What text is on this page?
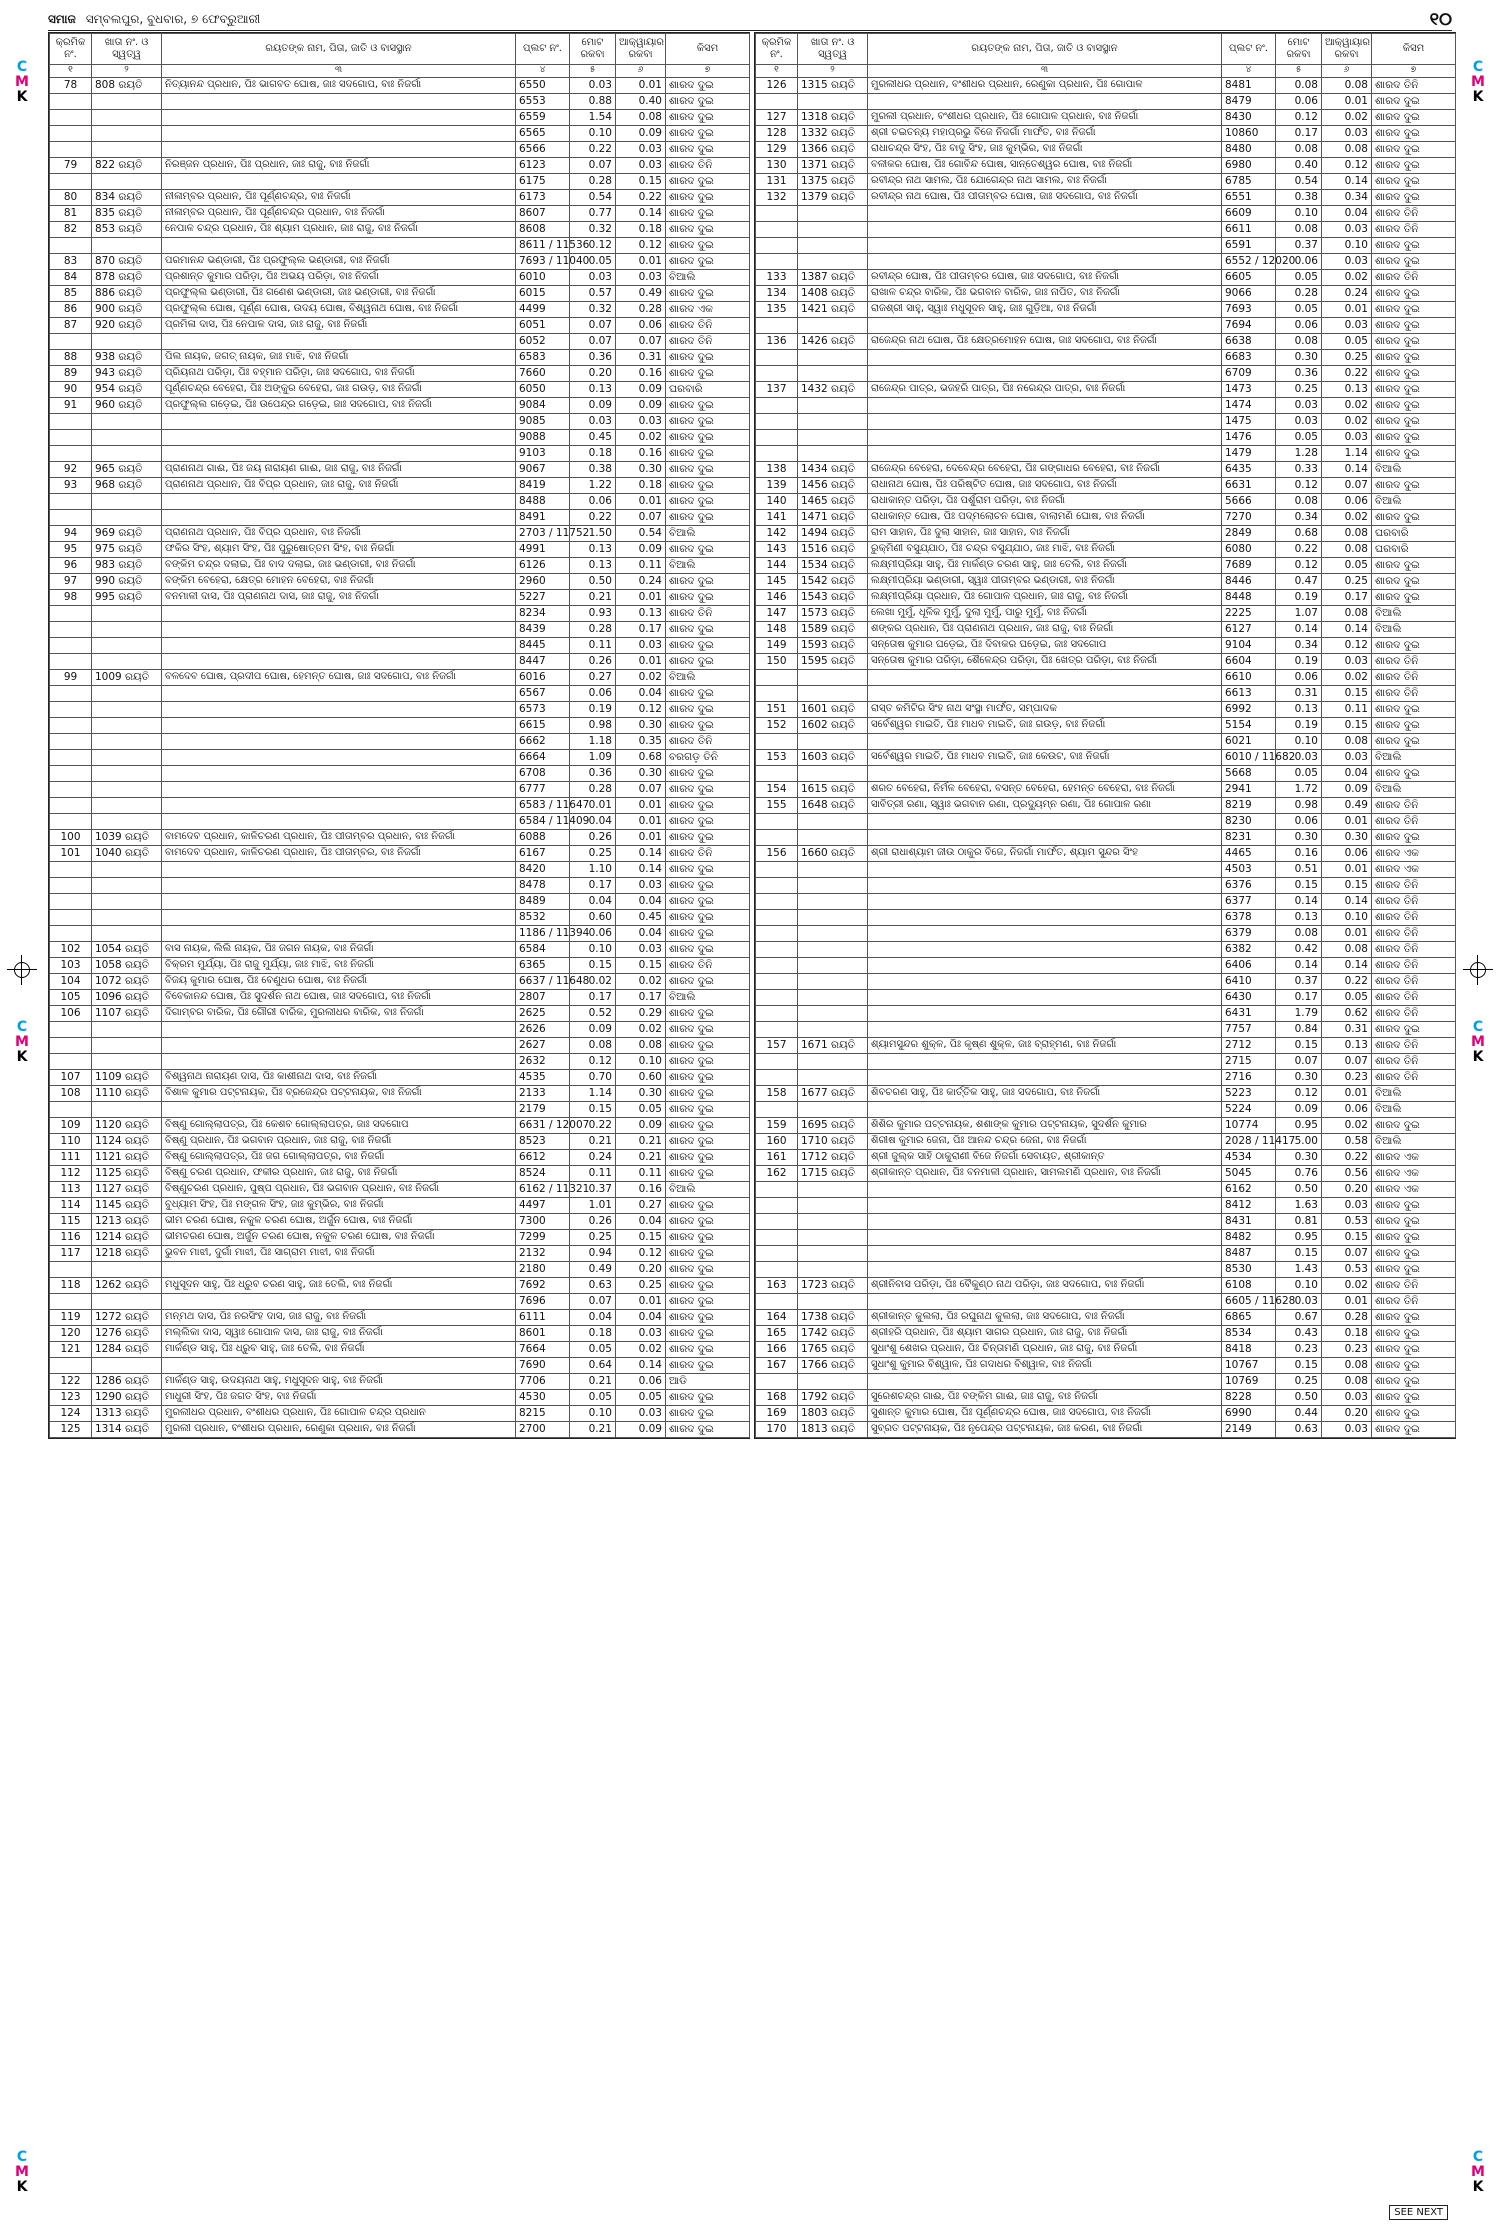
ସମାଜ ସମ୍ବଲପୁର, ବୁଧବାର, ୭ ଫେବ୍ରୁଆରୀ	୧୦
କ୍ରମିକ ନଂ.	ଖାତା ନଂ. ଓ ସ୍ୱତ୍ୱ	ରୟତଙ୍କ ନାମ, ପିତା, ଜାତି ଓ ବାସସ୍ଥାନ	ପ୍ଲଟ ନଂ.	ମୋଟ ରକବା	ଆକ୍ୱାୟାର ରକବା	କିସମ
୧	୨	୩	୪	୫	୬	୭
78	808 ରୟତି	ନିତ୍ୟାନନ୍ଦ ପ୍ରଧାନ, ପିଃ ଭାଗବତ ଘୋଷ, ଜାଃ ସଦଗୋପ, ବାଃ ନିଜର୍ଗା	6550	0.03	0.01	ଶାରଦ ଦୁଇ
			6553	0.88	0.40	ଶାରଦ ଦୁଇ
			6559	1.54	0.08	ଶାରଦ ଦୁଇ
			6565	0.10	0.09	ଶାରଦ ଦୁଇ
			6566	0.22	0.03	ଶାରଦ ଦୁଇ
79	822 ରୟତି	ନିରଞ୍ଜନ ପ୍ରଧାନ, ପିଃ ପ୍ରଧାନ, ଜାଃ ରାଜୁ, ବାଃ ନିଜର୍ଗା	6123	0.07	0.03	ଶାରଦ ତିନି
			6175	0.28	0.15	ଶାରଦ ଦୁଇ
80	834 ରୟତି	ନୀଳାମ୍ବର ପ୍ରଧାନ, ପିଃ ପୂର୍ଣ୍ଣଚନ୍ଦ୍ର, ବାଃ ନିଜର୍ଗା	6173	0.54	0.22	ଶାରଦ ଦୁଇ
81	835 ରୟତି	ନୀଳାମ୍ବର ପ୍ରଧାନ, ପିଃ ପୂର୍ଣ୍ଣଚନ୍ଦ୍ର ପ୍ରଧାନ, ବାଃ ନିଜର୍ଗା	8607	0.77	0.14	ଶାରଦ ଦୁଇ
82	853 ରୟତି	ନେପାଳ ଚନ୍ଦ୍ର ପ୍ରଧାନ, ପିଃ ଶ୍ୟାମ ପ୍ରଧାନ, ଜାଃ ରାଜୁ, ବାଃ ନିଜର୍ଗା	8608	0.32	0.18	ଶାରଦ ଦୁଇ
			8611 / 11536	0.12	0.12	ଶାରଦ ଦୁଇ
83	870 ରୟତି	ପରମାନନ୍ଦ ଭଣ୍ଡାରୀ, ପିଃ ପ୍ରଫୁଲ୍ଲ ଭଣ୍ଡାରୀ, ବାଃ ନିଜର୍ଗା	7693 / 11040	0.05	0.01	ଶାରଦ ଦୁଇ
84	878 ରୟତି	ପ୍ରଶାନ୍ତ କୁମାର ପରିଡ଼ା, ପିଃ ଅଭୟ ପରିଡ଼ା, ବାଃ ନିଜର୍ଗା	6010	0.03	0.03	ବିଆଲି
85	886 ରୟତି	ପ୍ରଫୁଲ୍ଲ ଭଣ୍ଡାରୀ, ପିଃ ଗଣେଶ ଭଣ୍ଡାରୀ, ଜାଃ ଭଣ୍ଡାରୀ, ବାଃ ନିଜର୍ଗା	6015	0.57	0.49	ଶାରଦ ଦୁଇ
86	900 ରୟତି	ପ୍ରଫୁଲ୍ଲ ଘୋଷ, ପୂର୍ଣ୍ଣ ଘୋଷ, ଉଦୟ ଘୋଷ, ବିଶ୍ୱନାଥ ଘୋଷ, ବାଃ ନିଜର୍ଗା	4499	0.32	0.28	ଶାରଦ ଏକ
87	920 ରୟତି	ପ୍ରମିଳା ଦାସ, ପିଃ ନେପାଳ ଦାସ, ଜାଃ ରାଜୁ, ବାଃ ନିଜର୍ଗା	6051	0.07	0.06	ଶାରଦ ତିନି
			6052	0.07	0.07	ଶାରଦ ତିନି
88	938 ରୟତି	ପିଲ ନାୟକ, ଜଗତ୍ ନାୟକ, ଜାଃ ମାଝି, ବାଃ ନିଜର୍ଗା	6583	0.36	0.31	ଶାରଦ ଦୁଇ
89	943 ରୟତି	ପ୍ରିୟନାଥ ପରିଡ଼ା, ପିଃ ବହ୍ମାନ ପରିଡ଼ା, ଜାଃ ସଦଗୋପ, ବାଃ ନିଜର୍ଗା	7660	0.20	0.16	ଶାରଦ ଦୁଇ
90	954 ରୟତି	ପୂର୍ଣ୍ଣଚନ୍ଦ୍ର ବେହେରା, ପିଃ ଅଙ୍କୁର ବେହେରା, ଜାଃ ଗଉଡ଼, ବାଃ ନିଜର୍ଗା	6050	0.13	0.09	ଘରବାରି
91	960 ରୟତି	ପ୍ରଫୁଲ୍ଲ ଗଡ଼େଇ, ପିଃ ଉପେନ୍ଦ୍ର ଗଡ଼େଇ, ଜାଃ ସଦଗୋପ, ବାଃ ନିଜର୍ଗା	9084	0.09	0.09	ଶାରଦ ଦୁଇ
			9085	0.03	0.03	ଶାରଦ ଦୁଇ
			9088	0.45	0.02	ଶାରଦ ଦୁଇ
			9103	0.18	0.16	ଶାରଦ ଦୁଇ
92	965 ରୟତି	ପ୍ରାଣନାଥ ଗାଈ, ପିଃ ଜୟ ନାରାୟଣ ଗାଈ, ଜାଃ ରାଜୁ, ବାଃ ନିଜର୍ଗା	9067	0.38	0.30	ଶାରଦ ଦୁଇ
93	968 ରୟତି	ପ୍ରାଣନାଥ ପ୍ରଧାନ, ପିଃ ବିପ୍ର ପ୍ରଧାନ, ଜାଃ ରାଜୁ, ବାଃ ନିଜର୍ଗା	8419	1.22	0.18	ଶାରଦ ଦୁଇ
			8488	0.06	0.01	ଶାରଦ ଦୁଇ
			8491	0.22	0.07	ଶାରଦ ଦୁଇ
94	969 ରୟତି	ପ୍ରାଣନାଥ ପ୍ରଧାନ, ପିଃ ବିପ୍ର ପ୍ରଧାନ, ବାଃ ନିଜର୍ଗା	2703 / 11752	1.50	0.54	ବିଆଲି
95	975 ରୟତି	ଫକିର ସିଂହ, ଶ୍ୟାମ ସିଂହ, ପିଃ ପୁରୁଷୋତ୍ତମ ସିଂହ, ବାଃ ନିଜର୍ଗା	4991	0.13	0.09	ଶାରଦ ଦୁଇ
96	983 ରୟତି	ବଙ୍କିମ ଚନ୍ଦ୍ର ଦଲାଇ, ପିଃ ବାଦ ଦଲାଇ, ଜାଃ ଭଣ୍ଡାରୀ, ବାଃ ନିଜର୍ଗା	6126	0.13	0.11	ବିଆଲି
97	990 ରୟତି	ବଙ୍କିମ ବେହେରା, କ୍ଷେତ୍ର ମୋହନ ବେହେରା, ବାଃ ନିଜର୍ଗା	2960	0.50	0.24	ଶାରଦ ଦୁଇ
98	995 ରୟତି	ବନମାଳୀ ଦାସ, ପିଃ ପ୍ରାଣନାଥ ଦାସ, ଜାଃ ରାଜୁ, ବାଃ ନିଜର୍ଗା	5227	0.21	0.01	ଶାରଦ ଦୁଇ
			8234	0.93	0.13	ଶାରଦ ତିନି
			8439	0.28	0.17	ଶାରଦ ଦୁଇ
			8445	0.11	0.03	ଶାରଦ ଦୁଇ
			8447	0.26	0.01	ଶାରଦ ଦୁଇ
99	1009 ରୟତି	ବଳଦେବ ଘୋଷ, ପ୍ରଦୀପ ଘୋଷ, ହେମନ୍ତ ଘୋଷ, ଜାଃ ସଦଗୋପ, ବାଃ ନିଜର୍ଗା	6016	0.27	0.02	ବିଆଲି
			6567	0.06	0.04	ଶାରଦ ଦୁଇ
			6573	0.19	0.12	ଶାରଦ ଦୁଇ
			6615	0.98	0.30	ଶାରଦ ଦୁଇ
			6662	1.18	0.35	ଶାରଦ ତିନି
			6664	1.09	0.68	ବରଗଡ଼ ତିନି
			6708	0.36	0.30	ଶାରଦ ଦୁଇ
			6777	0.28	0.07	ଶାରଦ ଦୁଇ
			6583 / 11647	0.01	0.01	ଶାରଦ ଦୁଇ
			6584 / 11409	0.04	0.01	ଶାରଦ ଦୁଇ
100	1039 ରୟତି	ବାମଦେବ ପ୍ରଧାନ, କାଳିଚରଣ ପ୍ରଧାନ, ପିଃ ପୀତାମ୍ବର ପ୍ରଧାନ, ବାଃ ନିଜର୍ଗା	6088	0.26	0.01	ଶାରଦ ଦୁଇ
101	1040 ରୟତି	ବାମଦେବ ପ୍ରଧାନ, କାଳିଚରଣ ପ୍ରଧାନ, ପିଃ ପୀତାମ୍ବର, ବାଃ ନିଜର୍ଗା	6167	0.25	0.14	ଶାରଦ ତିନି
			8420	1.10	0.14	ଶାରଦ ଦୁଇ
			8478	0.17	0.03	ଶାରଦ ଦୁଇ
			8489	0.04	0.04	ଶାରଦ ଦୁଇ
			8532	0.60	0.45	ଶାରଦ ଦୁଇ
			1186 / 11394	0.06	0.04	ଶାରଦ ଦୁଇ
102	1054 ରୟତି	ବାସ ନାୟକ, ଲିଲି ନାୟକ, ପିଃ ଜଗନ ନାୟକ, ବାଃ ନିଜର୍ଗା	6584	0.10	0.03	ଶାରଦ ଦୁଇ
103	1058 ରୟତି	ବିକ୍ରମ ମୁର୍ଯ୍ୟା, ପିଃ ରାଜୁ ମୁର୍ଯ୍ୟା, ଜାଃ ମାଝି, ବାଃ ନିଜର୍ଗା	6365	0.15	0.15	ଶାରଦ ତିନି
104	1072 ରୟତି	ବିଜୟ କୁମାର ଘୋଷ, ପିଃ ବେଣୁଧର ଘୋଷ, ବାଃ ନିଜର୍ଗା	6637 / 11648	0.02	0.02	ଶାରଦ ଦୁଇ
105	1096 ରୟତି	ବିବେକାନନ୍ଦ ଘୋଷ, ପିଃ ସୁଦର୍ଶନ ନାଥ ଘୋଷ, ଜାଃ ସଦଗୋପ, ବାଃ ନିଜର୍ଗା	2807	0.17	0.17	ବିଆଲି
106	1107 ରୟତି	ଦିଗାମ୍ବର ବାରିକ, ପିଃ ଗୌରୀ ବାରିକ, ମୁରଲୀଧର ବାରିକ, ବାଃ ନିଜର୍ଗା	2625	0.52	0.29	ଶାରଦ ଦୁଇ
			2626	0.09	0.02	ଶାରଦ ଦୁଇ
			2627	0.08	0.08	ଶାରଦ ଦୁଇ
			2632	0.12	0.10	ଶାରଦ ଦୁଇ
107	1109 ରୟତି	ବିଶ୍ୱନାଥ ନାରାୟଣ ଦାସ, ପିଃ କାଶୀନାଥ ଦାସ, ବାଃ ନିଜର୍ଗା	4535	0.70	0.60	ଶାରଦ ଦୁଇ
108	1110 ରୟତି	ବିଶାଳ କୁମାର ପଟ୍ଟନାୟକ, ପିଃ ବ୍ରଜେନ୍ଦ୍ର ପଟ୍ଟନାୟକ, ବାଃ ନିଜର୍ଗା	2133	1.14	0.30	ଶାରଦ ଦୁଇ
			2179	0.15	0.05	ଶାରଦ ଦୁଇ
109	1120 ରୟତି	ବିଷ୍ଣୁ ଗୋଲ୍ଲାପତ୍ର, ପିଃ କେଶବ ଗୋଲ୍ଲାପତ୍ର, ଜାଃ ସଦଗୋପ	6631 / 12007	0.22	0.09	ଶାରଦ ଦୁଇ
110	1124 ରୟତି	ବିଷ୍ଣୁ ପ୍ରଧାନ, ପିଃ ଭଗବାନ ପ୍ରଧାନ, ଜାଃ ରାଜୁ, ବାଃ ନିଜର୍ଗା	8523	0.21	0.21	ଶାରଦ ଦୁଇ
111	1121 ରୟତି	ବିଷ୍ଣୁ ଗୋଲ୍ଲାପତ୍ର, ପିଃ ଜଗ ଗୋଲ୍ଲାପତ୍ର, ବାଃ ନିଜର୍ଗା	6612	0.24	0.21	ଶାରଦ ଦୁଇ
112	1125 ରୟତି	ବିଷ୍ଣୁ ଚରଣ ପ୍ରଧାନ, ଫକୀର ପ୍ରଧାନ, ଜାଃ ରାଜୁ, ବାଃ ନିଜର୍ଗା	8524	0.11	0.11	ଶାରଦ ଦୁଇ
113	1127 ରୟତି	ବିଷ୍ଣୁଚରଣ ପ୍ରଧାନ, ପୁଷ୍ପ ପ୍ରଧାନ, ପିଃ ଭଗବାନ ପ୍ରଧାନ, ବାଃ ନିଜର୍ଗା	6162 / 11321	0.37	0.16	ବିଆଲି
114	1145 ରୟତି	ବୁଧ୍ୟାମ ସିଂହ, ପିଃ ମଙ୍ଗଳ ସିଂହ, ଜାଃ କୁମ୍ଭିର, ବାଃ ନିଜର୍ଗା	4497	1.01	0.27	ଶାରଦ ଦୁଇ
115	1213 ରୟତି	ଭୀମ ଚରଣ ଘୋଷ, ନକୁଳ ଚରଣ ଘୋଷ, ଅର୍ଜୁନ ଘୋଷ, ବାଃ ନିଜର୍ଗା	7300	0.26	0.04	ଶାରଦ ଦୁଇ
116	1214 ରୟତି	ଭୀମଚରଣ ଘୋଷ, ଅର୍ଜୁନ ଚରଣ ଘୋଷ, ନକୁଳ ଚରଣ ଘୋଷ, ବାଃ ନିଜର୍ଗା	7299	0.25	0.15	ଶାରଦ ଦୁଇ
117	1218 ରୟତି	ଭୁବନ ମାଝୀ, ଦୁର୍ଗା ମାଝୀ, ପିଃ ସାଗ୍ରାମ ମାଝୀ, ବାଃ ନିଜର୍ଗା	2132	0.94	0.12	ଶାରଦ ଦୁଇ
			2180	0.49	0.20	ଶାରଦ ଦୁଇ
118	1262 ରୟତି	ମଧୁସୂଦନ ସାହୁ, ପିଃ ଧ୍ରୁବ ଚରଣ ସାହୁ, ଜାଃ ତେଲି, ବାଃ ନିଜର୍ଗା	7692	0.63	0.25	ଶାରଦ ଦୁଇ
			7696	0.07	0.01	ଶାରଦ ଦୁଇ
119	1272 ରୟତି	ମନ୍ମଥ ଦାସ, ପିଃ ନରସିଂହ ଦାସ, ଜାଃ ରାଜୁ, ବାଃ ନିଜର୍ଗା	6111	0.04	0.04	ଶାରଦ ଦୁଇ
120	1276 ରୟତି	ମଲ୍ଲିକା ଦାସ, ସ୍ୱାଃ ଗୋପାଳ ଦାସ, ଜାଃ ରାଜୁ, ବାଃ ନିଜର୍ଗା	8601	0.18	0.03	ଶାରଦ ଦୁଇ
121	1284 ରୟତି	ମାର୍କଣ୍ଡ ସାହୁ, ପିଃ ଧ୍ରୁବ ସାହୁ, ଜାଃ ତେଲି, ବାଃ ନିଜର୍ଗା	7664	0.05	0.02	ଶାରଦ ଦୁଇ
			7690	0.64	0.14	ଶାରଦ ଦୁଇ
122	1286 ରୟତି	ମାର୍କଣ୍ଡ ସାହୁ, ଉଦୟନାଥ ସାହୁ, ମଧୁସୂଦନ ସାହୁ, ବାଃ ନିଜର୍ଗା	7706	0.21	0.06	ଆଡି
123	1290 ରୟତି	ମାଧୁରୀ ସିଂହ, ପିଃ ଜଗତ ସିଂହ, ବାଃ ନିଜର୍ଗା	4530	0.05	0.05	ଶାରଦ ଦୁଇ
124	1313 ରୟତି	ମୁରଲୀଧର ପ୍ରଧାନ, ବଂଶୀଧର ପ୍ରଧାନ, ପିଃ ଗୋପାଳ ଚନ୍ଦ୍ର ପ୍ରଧାନ	8215	0.10	0.03	ଶାରଦ ଦୁଇ
125	1314 ରୟତି	ମୁରଲୀ ପ୍ରଧାନ, ବଂଶୀଧର ପ୍ରଧାନ, ରେଣୁକା ପ୍ରଧାନ, ବାଃ ନିଜର୍ଗା	2700	0.21	0.09	ଶାରଦ ଦୁଇ
କ୍ରମିକ ନଂ.	ଖାତା ନଂ. ଓ ସ୍ୱତ୍ୱ	ରୟତଙ୍କ ନାମ, ପିତା, ଜାତି ଓ ବାସସ୍ଥାନ	ପ୍ଲଟ ନଂ.	ମୋଟ ରକବା	ଆକ୍ୱାୟାର ରକବା	କିସମ
୧	୨	୩	୪	୫	୬	୭
126	1315 ରୟତି	ମୁରଲୀଧର ପ୍ରଧାନ, ବଂଶୀଧର ପ୍ରଧାନ, ରେଣୁକା ପ୍ରଧାନ, ପିଃ ଗୋପାଳ	8481	0.08	0.08	ଶାରଦ ତିନି
			8479	0.06	0.01	ଶାରଦ ଦୁଇ
127	1318 ରୟତି	ମୁରଲୀ ପ୍ରଧାନ, ବଂଶୀଧର ପ୍ରଧାନ, ପିଃ ଗୋପାଳ ପ୍ରଧାନ, ବାଃ ନିଜର୍ଗା	8430	0.12	0.02	ଶାରଦ ଦୁଇ
128	1332 ରୟତି	ଶ୍ରୀ ଚଇତନ୍ୟ ମହାପ୍ରଭୁ ବିଜେ ନିଜର୍ଗା ମାର୍ଫତ, ବାଃ ନିଜର୍ଗା	10860	0.17	0.03	ଶାରଦ ଦୁଇ
129	1366 ରୟତି	ରାଧାଚନ୍ଦ୍ର ସିଂହ, ପିଃ ବାଦୁ ସିଂହ, ଜାଃ କୁମ୍ଭିର, ବାଃ ନିଜର୍ଗା	8480	0.08	0.08	ଶାରଦ ଦୁଇ
130	1371 ରୟତି	ବଳୀକର ଘୋଷ, ପିଃ ଗୋବିନ୍ଦ ଘୋଷ, ସାନ୍ତେଶ୍ୱର ଘୋଷ, ବାଃ ନିଜର୍ଗା	6980	0.40	0.12	ଶାରଦ ଦୁଇ
131	1375 ରୟତି	ରବୀନ୍ଦ୍ର ନାଥ ସାମଲ, ପିଃ ଯୋଗେନ୍ଦ୍ର ନାଥ ସାମଲ, ବାଃ ନିଜର୍ଗା	6785	0.54	0.14	ଶାରଦ ଦୁଇ
132	1379 ରୟତି	ରବୀନ୍ଦ୍ର ନାଥ ଘୋଷ, ପିଃ ପୀତାମ୍ବର ଘୋଷ, ଜାଃ ସଦଗୋପ, ବାଃ ନିଜର୍ଗା	6551	0.38	0.34	ଶାରଦ ଦୁଇ
			6609	0.10	0.04	ଶାରଦ ତିନି
			6611	0.08	0.03	ଶାରଦ ତିନି
			6591	0.37	0.10	ଶାରଦ ଦୁଇ
			6552 / 12020	0.06	0.03	ଶାରଦ ଦୁଇ
133	1387 ରୟତି	ରବୀନ୍ଦ୍ର ଘୋଷ, ପିଃ ପୀତାମ୍ବର ଘୋଷ, ଜାଃ ସଦଗୋପ, ବାଃ ନିଜର୍ଗା	6605	0.05	0.02	ଶାରଦ ତିନି
134	1408 ରୟତି	ରାଖାଳ ଚନ୍ଦ୍ର ବାରିକ, ପିଃ ଭଗବାନ ବାରିକ, ଜାଃ ନାପିତ, ବାଃ ନିଜର୍ଗା	9066	0.28	0.24	ଶାରଦ ଦୁଇ
135	1421 ରୟତି	ରାଜଶ୍ରୀ ସାହୁ, ସ୍ୱାଃ ମଧୁସୂଦନ ସାହୁ, ଜାଃ ଗୁଡ଼ିଆ, ବାଃ ନିଜର୍ଗା	7693	0.05	0.01	ଶାରଦ ଦୁଇ
			7694	0.06	0.03	ଶାରଦ ଦୁଇ
136	1426 ରୟତି	ରାଜେନ୍ଦ୍ର ନାଥ ଘୋଷ, ପିଃ କ୍ଷେତ୍ରମୋହନ ଘୋଷ, ଜାଃ ସଦଗୋପ, ବାଃ ନିଜର୍ଗା	6638	0.08	0.05	ଶାରଦ ଦୁଇ
			6683	0.30	0.25	ଶାରଦ ଦୁଇ
			6709	0.36	0.22	ଶାରଦ ଦୁଇ
137	1432 ରୟତି	ରାଜେନ୍ଦ୍ର ପାତ୍ର, ଭଜହରି ପାତ୍ର, ପିଃ ନରେନ୍ଦ୍ର ପାତ୍ର, ବାଃ ନିଜର୍ଗା	1473	0.25	0.13	ଶାରଦ ଦୁଇ
			1474	0.03	0.02	ଶାରଦ ଦୁଇ
			1475	0.03	0.02	ଶାରଦ ଦୁଇ
			1476	0.05	0.03	ଶାରଦ ଦୁଇ
			1479	1.28	1.14	ଶାରଦ ଦୁଇ
138	1434 ରୟତି	ରାଜେନ୍ଦ୍ର ବେହେରା, ଦେବେନ୍ଦ୍ର ବେହେରା, ପିଃ ଗଙ୍ଗାଧର ବେହେରା, ବାଃ ନିଜର୍ଗା	6435	0.33	0.14	ବିଆଲି
139	1456 ରୟତି	ରାଧାନାଥ ଘୋଷ, ପିଃ ପରିଷ୍ଟିତ ଘୋଷ, ଜାଃ ସଦଗୋପ, ବାଃ ନିଜର୍ଗା	6631	0.12	0.07	ଶାରଦ ଦୁଇ
140	1465 ରୟତି	ରାଧାକାନ୍ତ ପରିଡ଼ା, ପିଃ ପର୍ଶୁରାମ ପରିଡ଼ା, ବାଃ ନିଜର୍ଗା	5666	0.08	0.06	ବିଆଲି
141	1471 ରୟତି	ରାଧାକାନ୍ତ ଘୋଷ, ପିଃ ପଦ୍ମଲୋଚନ ଘୋଷ, ବାଲାମଣି ଘୋଷ, ବାଃ ନିଜର୍ଗା	7270	0.34	0.02	ଶାରଦ ଦୁଇ
142	1494 ରୟତି	ରାମ ସାହାନ, ପିଃ ଦୁଲା ସାହାନ, ଜାଃ ସାହାନ, ବାଃ ନିଜର୍ଗା	2849	0.68	0.08	ଘରବାରି
143	1516 ରୟତି	ରୁକ୍ମିଣୀ ବସୁଯ୍ଯାଠ, ପିଃ ଚନ୍ଦ୍ର ବସୁଯ୍ଯାଠ, ଜାଃ ମାଝି, ବାଃ ନିଜର୍ଗା	6080	0.22	0.08	ଘରବାରି
144	1534 ରୟତି	ଲକ୍ଷ୍ମୀପ୍ରିୟା ସାହୁ, ପିଃ ମାର୍କଣ୍ଡ ଚରଣ ସାହୁ, ଜାଃ ତେଲି, ବାଃ ନିଜର୍ଗା	7689	0.12	0.05	ଶାରଦ ଦୁଇ
145	1542 ରୟତି	ଲକ୍ଷ୍ମୀପ୍ରିୟା ଭଣ୍ଡାରୀ, ସ୍ୱାଃ ପୀତାମ୍ବର ଭଣ୍ଡାରୀ, ବାଃ ନିଜର୍ଗା	8446	0.47	0.25	ଶାରଦ ଦୁଇ
146	1543 ରୟତି	ଲକ୍ଷ୍ମୀପ୍ରିୟା ପ୍ରଧାନ, ପିଃ ଗୋପାଳ ପ୍ରଧାନ, ଜାଃ ରାଜୁ, ବାଃ ନିଜର୍ଗା	8448	0.19	0.17	ଶାରଦ ଦୁଇ
147	1573 ରୟତି	ଲେଖା ମୁର୍ମୁ, ଧୂଳିକ ମୁର୍ମୁ, ଦୁଲା ମୁର୍ମୁ, ପାରୁ ମୁର୍ମୁ, ବାଃ ନିଜର୍ଗା	2225	1.07	0.08	ବିଆଲି
148	1589 ରୟତି	ଶଙ୍କର ପ୍ରଧାନ, ପିଃ ପ୍ରାଣନାଥ ପ୍ରଧାନ, ଜାଃ ରାଜୁ, ବାଃ ନିଜର୍ଗା	6127	0.14	0.14	ବିଆଲି
149	1593 ରୟତି	ସନ୍ତୋଷ କୁମାର ଘଡ଼େଇ, ପିଃ ଦିବାକର ଘଡ଼େଇ, ଜାଃ ସଦଗୋପ	9104	0.34	0.12	ଶାରଦ ଦୁଇ
150	1595 ରୟତି	ସନ୍ତୋଷ କୁମାର ପରିଡ଼ା, ଶୈଳେନ୍ଦ୍ର ପରିଡ଼ା, ପିଃ ଖେତ୍ର ପରିଡ଼ା, ବାଃ ନିଜର୍ଗା	6604	0.19	0.03	ଶାରଦ ତିନି
			6610	0.06	0.02	ଶାରଦ ତିନି
			6613	0.31	0.15	ଶାରଦ ତିନି
151	1601 ରୟତି	ରାସ୍ତ କମିଟିର ସିଂହ ନାଥ ସଂସ୍ଥା ମାର୍ଫତ, ସମ୍ପାଦକ	6992	0.13	0.11	ଶାରଦ ଦୁଇ
152	1602 ରୟତି	ସର୍ବେଶ୍ୱର ମାଇତି, ପିଃ ମାଧବ ମାଇତି, ଜାଃ ଗଉଡ଼, ବାଃ ନିଜର୍ଗା	5154	0.19	0.15	ଶାରଦ ଦୁଇ
			6021	0.10	0.08	ଶାରଦ ଦୁଇ
153	1603 ରୟତି	ସର୍ବେଶ୍ୱର ମାଇତି, ପିଃ ମାଧବ ମାଇତି, ଜାଃ କେଉଟ, ବାଃ ନିଜର୍ଗା	6010 / 11682	0.03	0.03	ବିଆଲି
			5668	0.05	0.04	ଶାରଦ ଦୁଇ
154	1615 ରୟତି	ଶରତ ବେହେରା, ନିର୍ମଳ ବେହେରା, ବସନ୍ତ ବେହେରା, ହେମନ୍ତ ବେହେରା, ବାଃ ନିଜର୍ଗା	2941	1.72	0.09	ବିଆଲି
155	1648 ରୟତି	ସାବିତ୍ରୀ ରଣା, ସ୍ୱାଃ ଭଗବାନ ରଣା, ପ୍ରଦ୍ୟୁମ୍ନ ରଣା, ପିଃ ଗୋପାଳ ରଣା	8219	0.98	0.49	ଶାରଦ ତିନି
			8230	0.06	0.01	ଶାରଦ ତିନି
			8231	0.30	0.30	ଶାରଦ ଦୁଇ
156	1660 ରୟତି	ଶ୍ରୀ ରାଧାଶ୍ୟାମ ଜୀଉ ଠାକୁର ବିଜେ, ନିଜର୍ଗା ମାର୍ଫତ, ଶ୍ୟାମ ସୁନ୍ଦର ସିଂହ	4465	0.16	0.06	ଶାରଦ ଏକ
			4503	0.51	0.01	ଶାରଦ ଏକ
			6376	0.15	0.15	ଶାରଦ ତିନି
			6377	0.14	0.14	ଶାରଦ ତିନି
			6378	0.13	0.10	ଶାରଦ ତିନି
			6379	0.08	0.01	ଶାରଦ ତିନି
			6382	0.42	0.08	ଶାରଦ ତିନି
			6406	0.14	0.14	ଶାରଦ ତିନି
			6410	0.37	0.22	ଶାରଦ ତିନି
			6430	0.17	0.05	ଶାରଦ ତିନି
			6431	1.79	0.62	ଶାରଦ ତିନି
			7757	0.84	0.31	ଶାରଦ ଦୁଇ
157	1671 ରୟତି	ଶ୍ୟାମସୁନ୍ଦର ଶୁକ୍ଳ, ପିଃ କୃଷ୍ଣ ଶୁକ୍ଳ, ଜାଃ ବ୍ରାହ୍ମଣ, ବାଃ ନିଜର୍ଗା	2712	0.15	0.13	ଶାରଦ ତିନି
			2715	0.07	0.07	ଶାରଦ ତିନି
			2716	0.30	0.23	ଶାରଦ ତିନି
158	1677 ରୟତି	ଶିବଚରଣ ସାହୁ, ପିଃ କାର୍ତ୍ତିକ ସାହୁ, ଜାଃ ସଦଗୋପ, ବାଃ ନିଜର୍ଗା	5223	0.12	0.01	ବିଆଲି
			5224	0.09	0.06	ବିଆଲି
159	1695 ରୟତି	ଶିଶିର କୁମାର ପଟ୍ଟନାୟକ, ଶଶାଙ୍କ କୁମାର ପଟ୍ଟନାୟକ, ସୁଦର୍ଶନ କୁମାର	10774	0.95	0.02	ଶାରଦ ଦୁଇ
160	1710 ରୟତି	ଶିରୀଷ କୁମାର ଜେନା, ପିଃ ଆନନ୍ଦ ଚନ୍ଦ୍ର ଜେନା, ବାଃ ନିଜର୍ଗା	2028 / 11417	5.00	0.58	ବିଆଲି
161	1712 ରୟତି	ଶ୍ରୀ ଜୁଲ୍କ ସାହି ଠାକୁରାଣୀ ବିଜେ ନିଜର୍ଗା ସେବାୟତ, ଶ୍ରୀକାନ୍ତ	4534	0.30	0.22	ଶାରଦ ଏକ
162	1715 ରୟତି	ଶ୍ରୀକାନ୍ତ ପ୍ରଧାନ, ପିଃ ବନମାଳୀ ପ୍ରଧାନ, ସାମଲମଣି ପ୍ରଧାନ, ବାଃ ନିଜର୍ଗା	5045	0.76	0.56	ଶାରଦ ଏକ
			6162	0.50	0.20	ଶାରଦ ଏକ
			8412	1.63	0.03	ଶାରଦ ଦୁଇ
			8431	0.81	0.53	ଶାରଦ ଦୁଇ
			8482	0.95	0.15	ଶାରଦ ଦୁଇ
			8487	0.15	0.07	ଶାରଦ ଦୁଇ
			8530	1.43	0.53	ଶାରଦ ଦୁଇ
163	1723 ରୟତି	ଶ୍ରୀନିବାସ ପରିଡ଼ା, ପିଃ ବୈକୁଣ୍ଠ ନାଥ ପରିଡ଼ା, ଜାଃ ସଦଗୋପ, ବାଃ ନିଜର୍ଗା	6108	0.10	0.02	ଶାରଦ ତିନି
			6605 / 11628	0.03	0.01	ଶାରଦ ତିନି
164	1738 ରୟତି	ଶ୍ରୀକାନ୍ତ କୁଲଲା, ପିଃ ରଘୁନାଥ କୁଲଲା, ଜାଃ ସଦଗୋପ, ବାଃ ନିଜର୍ଗା	6865	0.67	0.28	ଶାରଦ ଦୁଇ
165	1742 ରୟତି	ଶ୍ରୀହରି ପ୍ରଧାନ, ପିଃ ଶ୍ୟାମ ସାଗର ପ୍ରଧାନ, ଜାଃ ରାଜୁ, ବାଃ ନିଜର୍ଗା	8534	0.43	0.18	ଶାରଦ ଦୁଇ
166	1765 ରୟତି	ସୁଧାଂଶୁ ଶେଖର ପ୍ରଧାନ, ପିଃ ଚିନ୍ତାମଣି ପ୍ରଧାନ, ଜାଃ ରାଜୁ, ବାଃ ନିଜର୍ଗା	8418	0.23	0.23	ଶାରଦ ଦୁଇ
167	1766 ରୟତି	ସୁଧାଂଶୁ କୁମାର ବିଶ୍ୱାଳ, ପିଃ ଗଦାଧର ବିଶ୍ୱାଳ, ବାଃ ନିଜର୍ଗା	10767	0.15	0.08	ଶାରଦ ଦୁଇ
			10769	0.25	0.08	ଶାରଦ ଦୁଇ
168	1792 ରୟତି	ସୁରେଶଚନ୍ଦ୍ର ଗାଈ, ପିଃ ବଙ୍କିମ ଗାଈ, ଜାଃ ରାଜୁ, ବାଃ ନିଜର୍ଗା	8228	0.50	0.03	ଶାରଦ ଦୁଇ
169	1803 ରୟତି	ସୁଶାନ୍ତ କୁମାର ଘୋଷ, ପିଃ ପୂର୍ଣ୍ଣଚନ୍ଦ୍ର ଘୋଷ, ଜାଃ ସଦଗୋପ, ବାଃ ନିଜର୍ଗା	6990	0.44	0.20	ଶାରଦ ଦୁଇ
170	1813 ରୟତି	ସୁବ୍ରତ ପଟ୍ଟନାୟକ, ପିଃ ନୃପେନ୍ଦ୍ର ପଟ୍ଟନାୟକ, ଜାଃ କରଣ, ବାଃ ନିଜର୍ଗା	2149	0.63	0.03	ଶାରଦ ଦୁଇ
C
M
K
C
M
K
C
M
K
C
M
K
C
M
K
C
M
K
SEE NEXT
